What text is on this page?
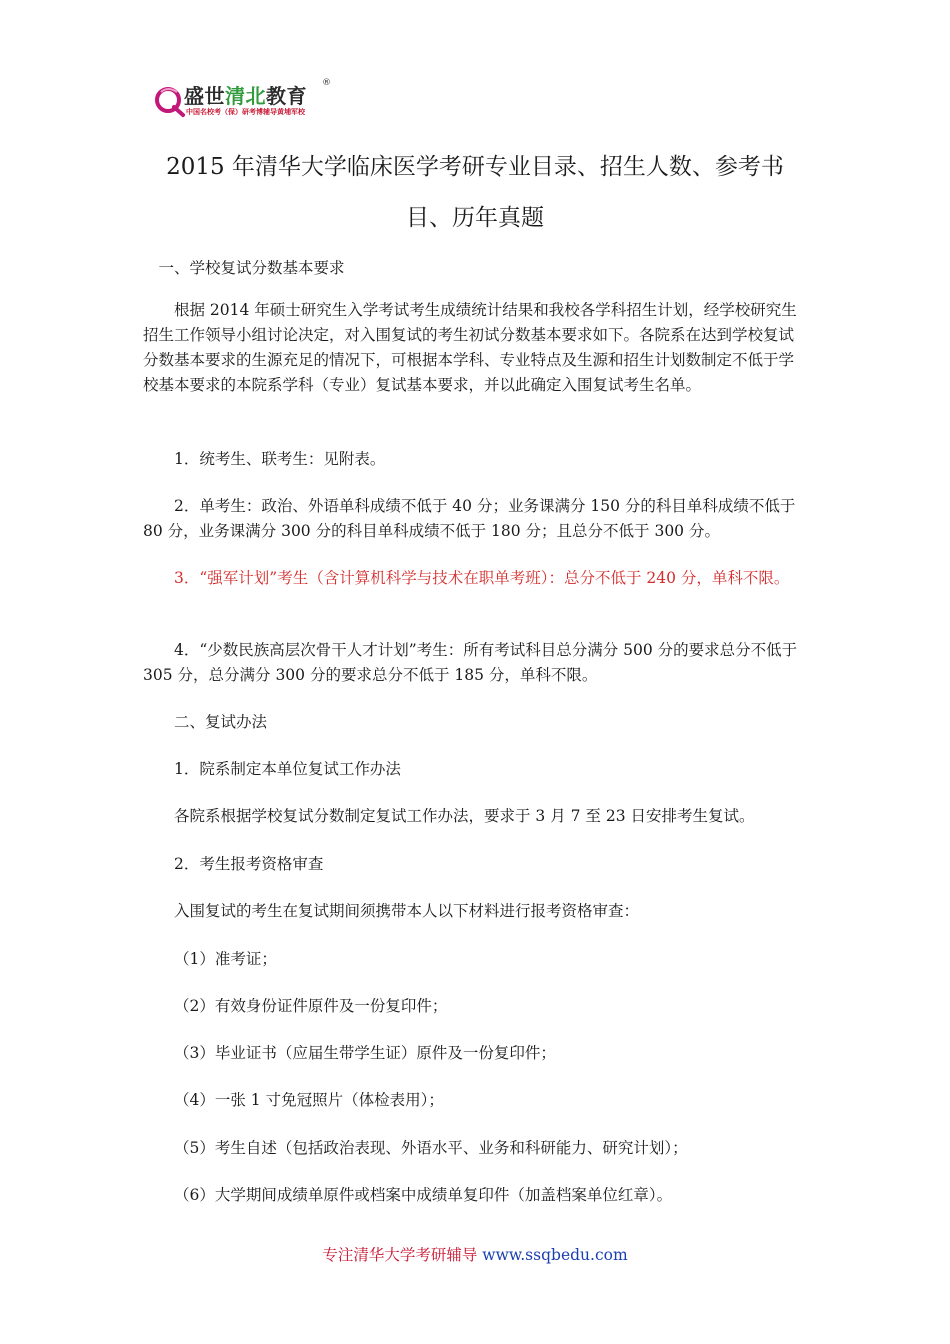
盛世清北教育
®
中国名校考（保）研考博辅导黄埔军校
2015 年清华大学临床医学考研专业目录、招生人数、参考书
目、历年真题

一、学校复试分数基本要求

根据 2014 年硕士研究生入学考试考生成绩统计结果和我校各学科招生计划，经学校研究生招生工作领导小组讨论决定，对入围复试的考生初试分数基本要求如下。各院系在达到学校复试分数基本要求的生源充足的情况下，可根据本学科、专业特点及生源和招生计划数制定不低于学校基本要求的本院系学科（专业）复试基本要求，并以此确定入围复试考生名单。

1．统考生、联考生：见附表。

2．单考生：政治、外语单科成绩不低于 40 分；业务课满分 150 分的科目单科成绩不低于 80 分，业务课满分 300 分的科目单科成绩不低于 180 分；且总分不低于 300 分。

3．“强军计划”考生（含计算机科学与技术在职单考班）：总分不低于 240 分，单科不限。

4．“少数民族高层次骨干人才计划”考生：所有考试科目总分满分 500 分的要求总分不低于 305 分，总分满分 300 分的要求总分不低于 185 分，单科不限。

二、复试办法

1．院系制定本单位复试工作办法

各院系根据学校复试分数制定复试工作办法，要求于 3 月 7 至 23 日安排考生复试。

2．考生报考资格审查

入围复试的考生在复试期间须携带本人以下材料进行报考资格审查：

（1）准考证；

（2）有效身份证件原件及一份复印件；

（3）毕业证书（应届生带学生证）原件及一份复印件；

（4）一张 1 寸免冠照片（体检表用）；

（5）考生自述（包括政治表现、外语水平、业务和科研能力、研究计划）；

（6）大学期间成绩单原件或档案中成绩单复印件（加盖档案单位红章）。

专注清华大学考研辅导 www.ssqbedu.com
